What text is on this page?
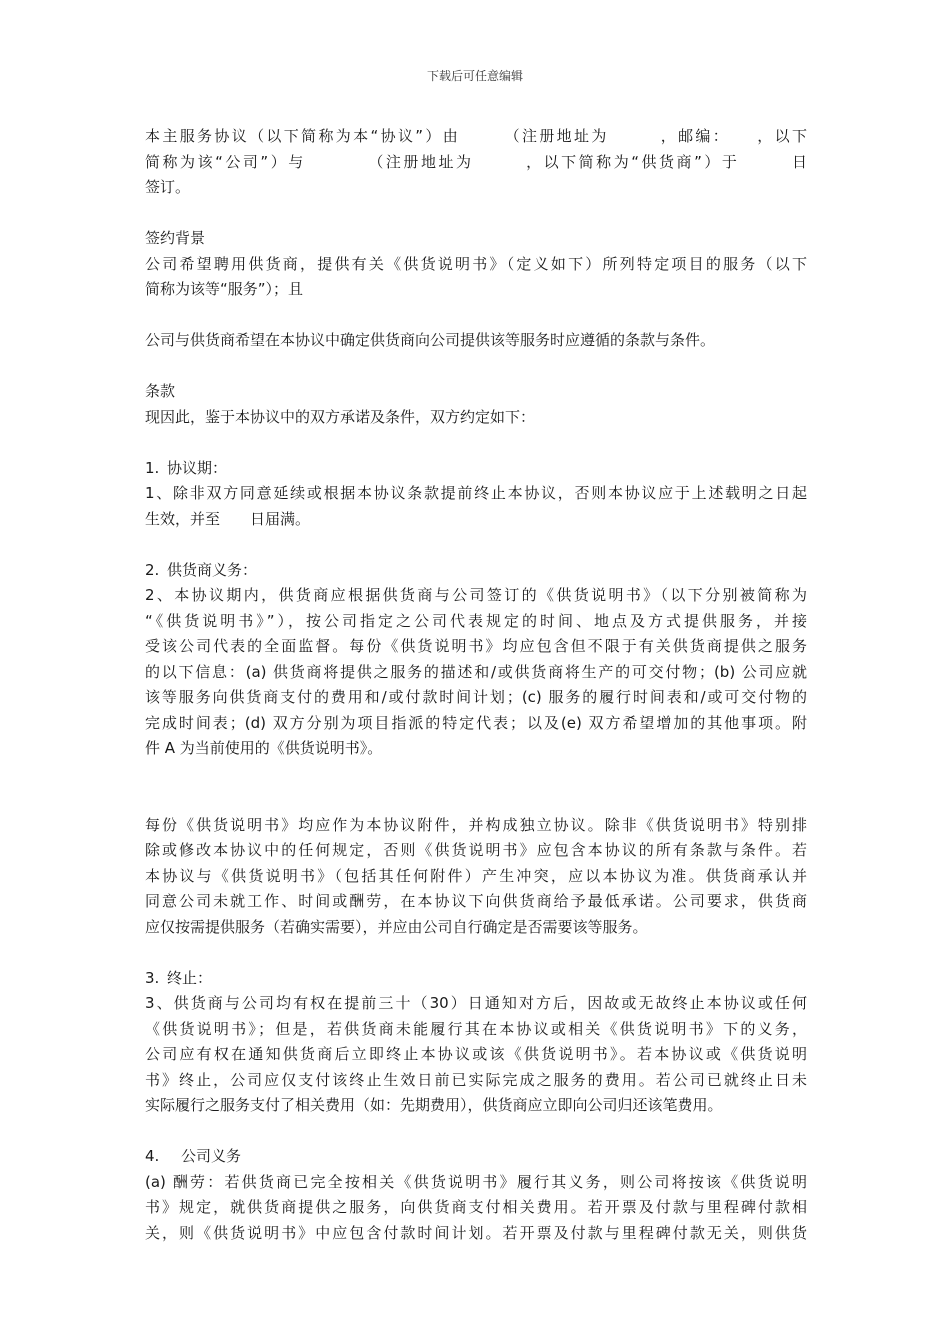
下载后可任意编辑
本主服务协议（以下简称为本“协议”）由　　　（注册地址为　　　，邮编：　　，以下
简称为该“公司”）与　　　　（注册地址为　　　，以下简称为“供货商”）于　　　日
签订。
签约背景
公司希望聘用供货商，提供有关《供货说明书》（定义如下）所列特定项目的服务（以下
简称为该等“服务”）；且
公司与供货商希望在本协议中确定供货商向公司提供该等服务时应遵循的条款与条件。
条款
现因此，鉴于本协议中的双方承诺及条件，双方约定如下：
1. 协议期：
1、除非双方同意延续或根据本协议条款提前终止本协议，否则本协议应于上述载明之日起
生效，并至　　日届满。
2. 供货商义务：
2、本协议期内，供货商应根据供货商与公司签订的《供货说明书》（以下分别被简称为
“《供货说明书》”），按公司指定之公司代表规定的时间、地点及方式提供服务，并接
受该公司代表的全面监督。每份《供货说明书》均应包含但不限于有关供货商提供之服务
的以下信息：(a) 供货商将提供之服务的描述和/或供货商将生产的可交付物；(b) 公司应就
该等服务向供货商支付的费用和/或付款时间计划；(c) 服务的履行时间表和/或可交付物的
完成时间表；(d) 双方分别为项目指派的特定代表；以及(e) 双方希望增加的其他事项。附
件 A 为当前使用的《供货说明书》。
每份《供货说明书》均应作为本协议附件，并构成独立协议。除非《供货说明书》特别排
除或修改本协议中的任何规定，否则《供货说明书》应包含本协议的所有条款与条件。若
本协议与《供货说明书》（包括其任何附件）产生冲突，应以本协议为准。供货商承认并
同意公司未就工作、时间或酬劳，在本协议下向供货商给予最低承诺。公司要求，供货商
应仅按需提供服务（若确实需要），并应由公司自行确定是否需要该等服务。
3. 终止：
3、供货商与公司均有权在提前三十（30）日通知对方后，因故或无故终止本协议或任何
《供货说明书》；但是，若供货商未能履行其在本协议或相关《供货说明书》下的义务，
公司应有权在通知供货商后立即终止本协议或该《供货说明书》。若本协议或《供货说明
书》终止，公司应仅支付该终止生效日前已实际完成之服务的费用。若公司已就终止日未
实际履行之服务支付了相关费用（如：先期费用），供货商应立即向公司归还该笔费用。
4. 公司义务
(a) 酬劳：若供货商已完全按相关《供货说明书》履行其义务，则公司将按该《供货说明
书》规定，就供货商提供之服务，向供货商支付相关费用。若开票及付款与里程碑付款相
关，则《供货说明书》中应包含付款时间计划。若开票及付款与里程碑付款无关，则供货
